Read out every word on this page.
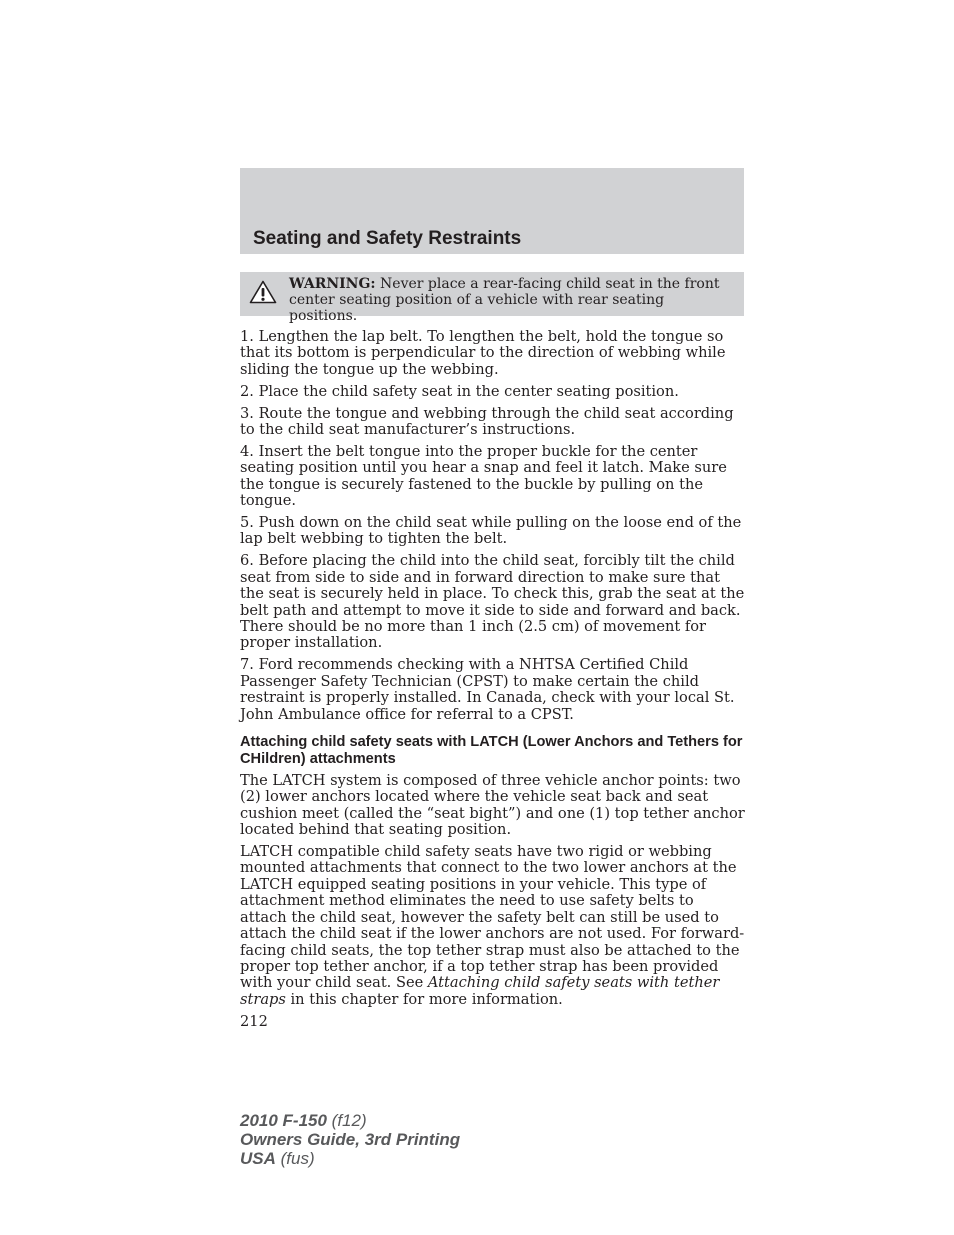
Seating and Safety Restraints
WARNING: Never place a rear-facing child seat in the front center seating position of a vehicle with rear seating positions.

1. Lengthen the lap belt. To lengthen the belt, hold the tongue so that its bottom is perpendicular to the direction of webbing while sliding the tongue up the webbing.

2. Place the child safety seat in the center seating position.

3. Route the tongue and webbing through the child seat according to the child seat manufacturer’s instructions.

4. Insert the belt tongue into the proper buckle for the center seating position until you hear a snap and feel it latch. Make sure the tongue is securely fastened to the buckle by pulling on the tongue.

5. Push down on the child seat while pulling on the loose end of the lap belt webbing to tighten the belt.

6. Before placing the child into the child seat, forcibly tilt the child seat from side to side and in forward direction to make sure that the seat is securely held in place. To check this, grab the seat at the belt path and attempt to move it side to side and forward and back. There should be no more than 1 inch (2.5 cm) of movement for proper installation.

7. Ford recommends checking with a NHTSA Certified Child Passenger Safety Technician (CPST) to make certain the child restraint is properly installed. In Canada, check with your local St. John Ambulance office for referral to a CPST.

Attaching child safety seats with LATCH (Lower Anchors and Tethers for CHildren) attachments

The LATCH system is composed of three vehicle anchor points: two (2) lower anchors located where the vehicle seat back and seat cushion meet (called the “seat bight”) and one (1) top tether anchor located behind that seating position.

LATCH compatible child safety seats have two rigid or webbing mounted attachments that connect to the two lower anchors at the LATCH equipped seating positions in your vehicle. This type of attachment method eliminates the need to use safety belts to attach the child seat, however the safety belt can still be used to attach the child seat if the lower anchors are not used. For forward-facing child seats, the top tether strap must also be attached to the proper top tether anchor, if a top tether strap has been provided with your child seat. See Attaching child safety seats with tether straps in this chapter for more information.

212

2010 F-150 (f12)
Owners Guide, 3rd Printing
USA (fus)
